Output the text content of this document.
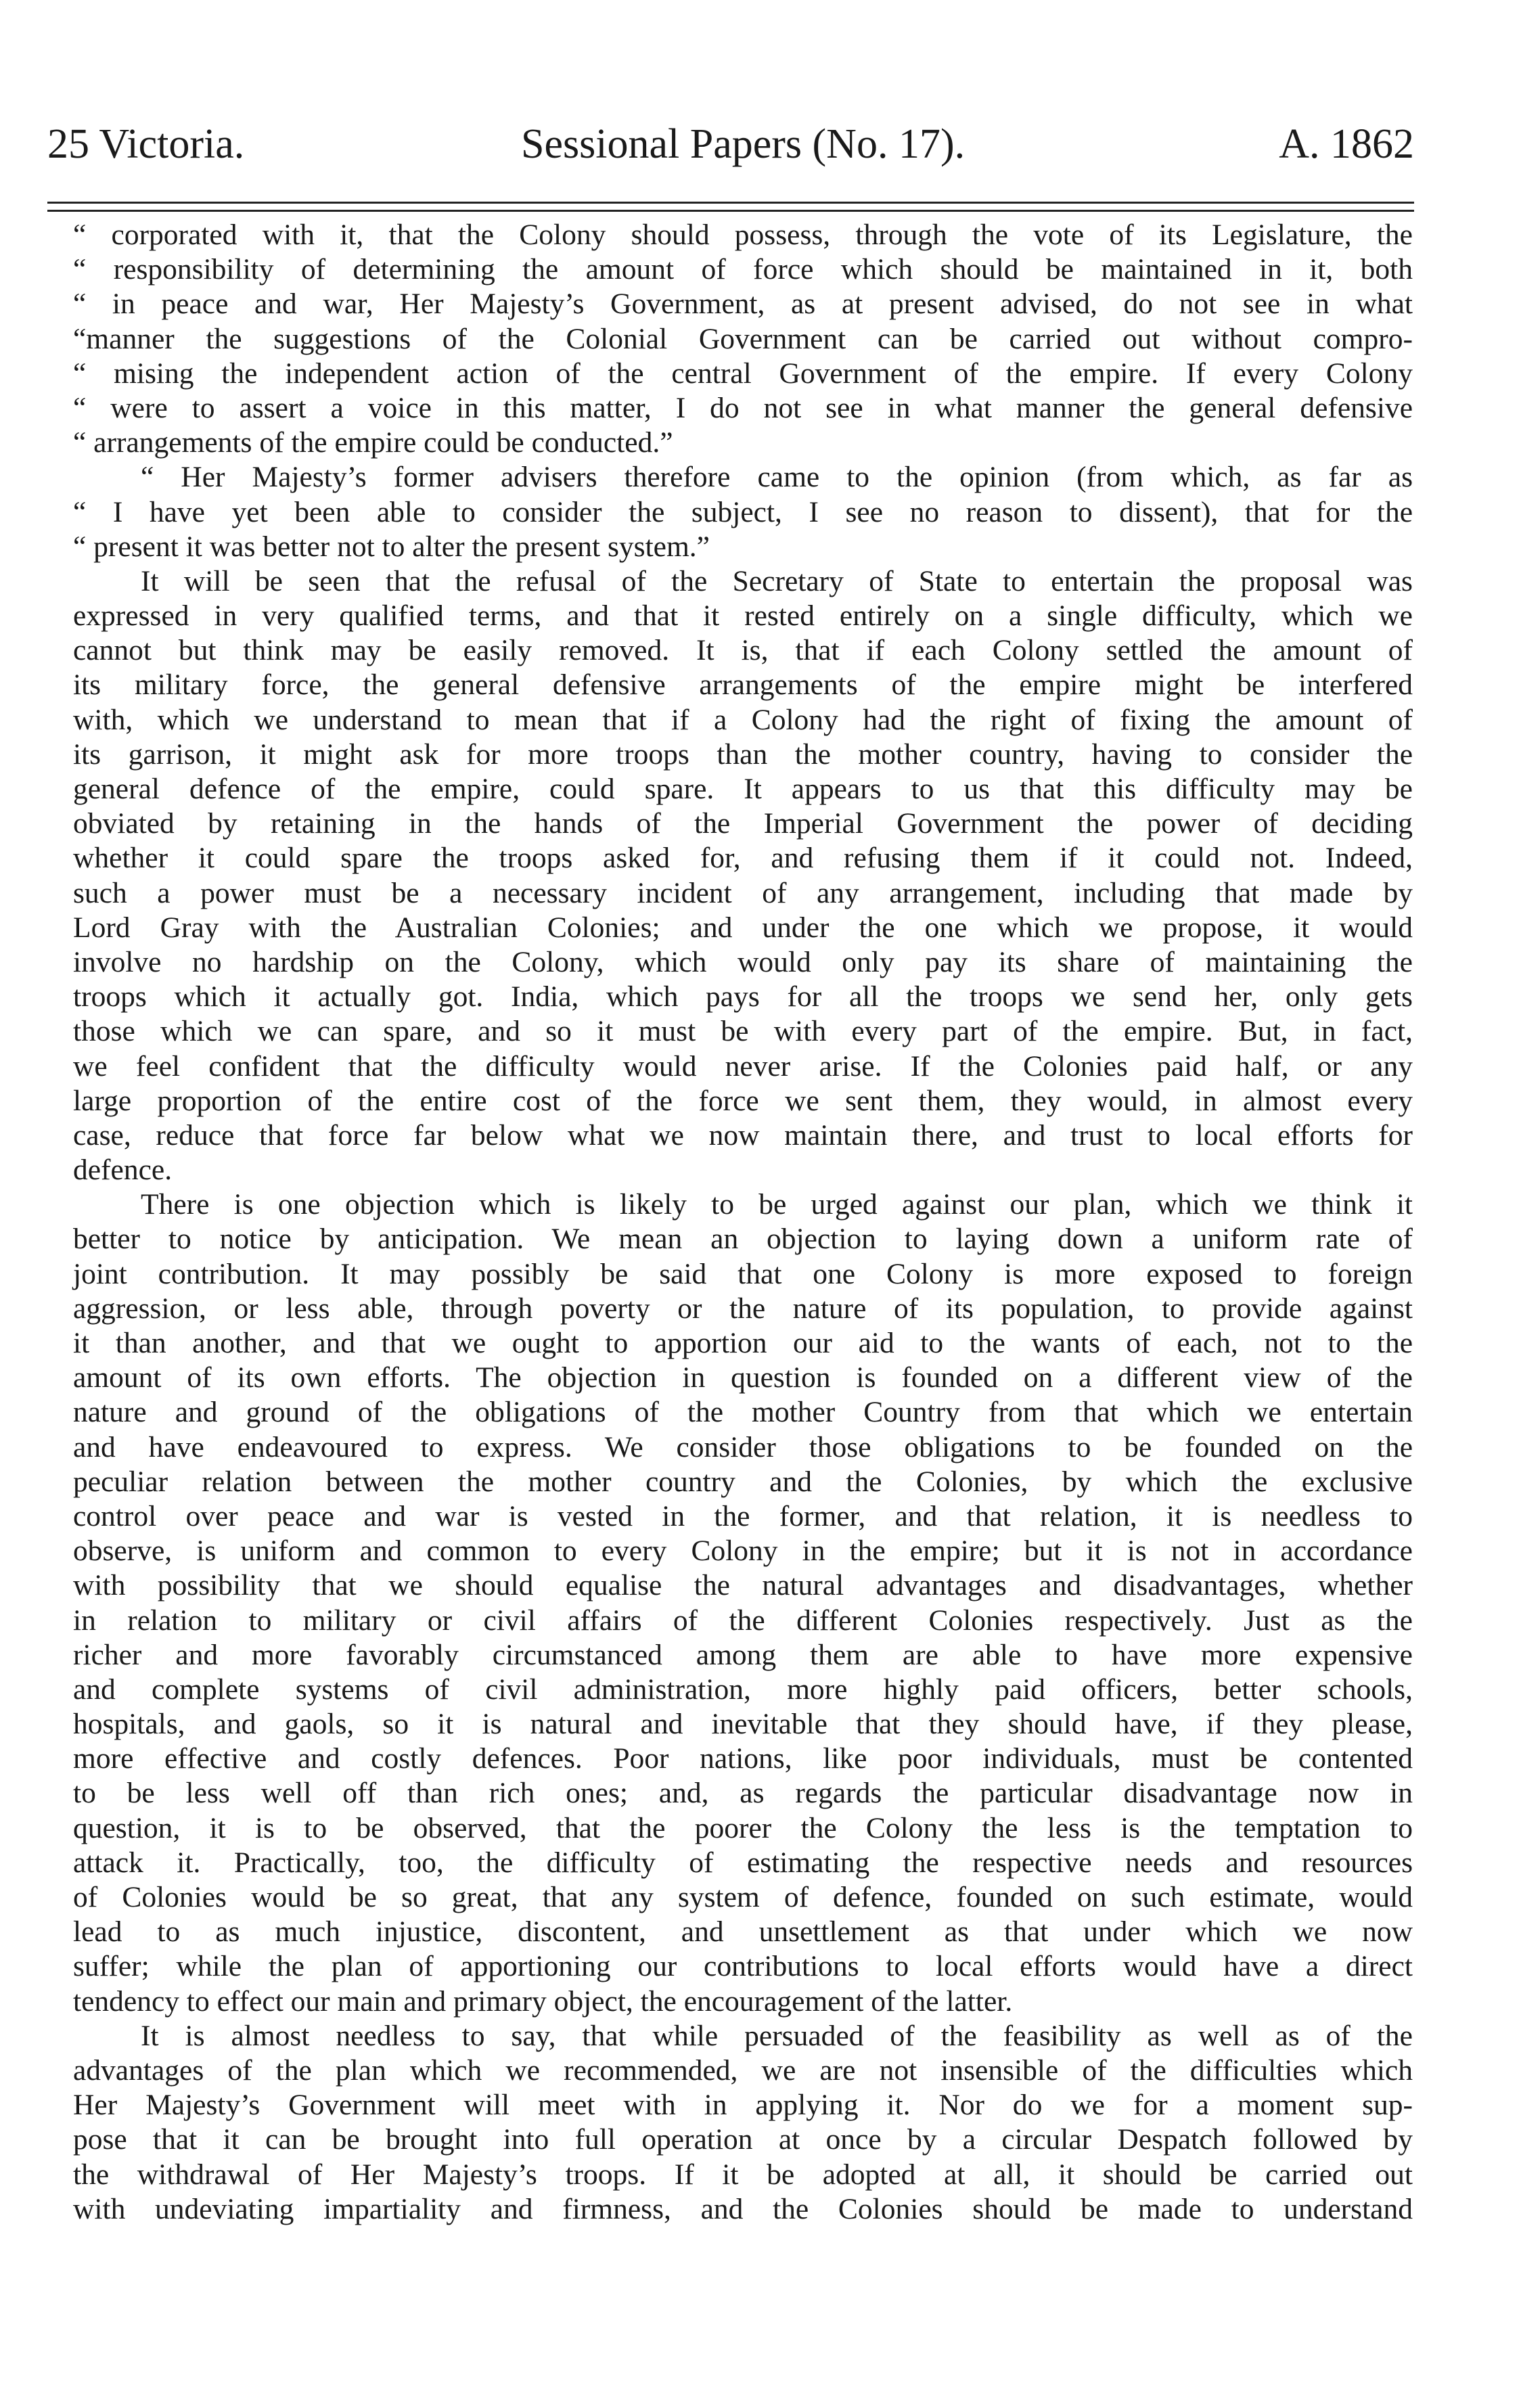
25 Victoria.	Sessional Papers (No. 17).	A. 1862
“ corporated with it, that the Colony should possess, through the vote of its Legislature, the
“ responsibility of determining the amount of force which should be maintained in it, both
“ in peace and war, Her Majesty’s Government, as at present advised, do not see in what
“manner the suggestions of the Colonial Government can be carried out without compro-
“ mising the independent action of the central Government of the empire. If every Colony
“ were to assert a voice in this matter, I do not see in what manner the general defensive
“ arrangements of the empire could be conducted.”
“ Her Majesty’s former advisers therefore came to the opinion (from which, as far as
“ I have yet been able to consider the subject, I see no reason to dissent), that for the
“ present it was better not to alter the present system.”
It will be seen that the refusal of the Secretary of State to entertain the proposal was
expressed in very qualified terms, and that it rested entirely on a single difficulty, which we
cannot but think may be easily removed. It is, that if each Colony settled the amount of
its military force, the general defensive arrangements of the empire might be interfered
with, which we understand to mean that if a Colony had the right of fixing the amount of
its garrison, it might ask for more troops than the mother country, having to consider the
general defence of the empire, could spare. It appears to us that this difficulty may be
obviated by retaining in the hands of the Imperial Government the power of deciding
whether it could spare the troops asked for, and refusing them if it could not. Indeed,
such a power must be a necessary incident of any arrangement, including that made by
Lord Gray with the Australian Colonies; and under the one which we propose, it would
involve no hardship on the Colony, which would only pay its share of maintaining the
troops which it actually got. India, which pays for all the troops we send her, only gets
those which we can spare, and so it must be with every part of the empire. But, in fact,
we feel confident that the difficulty would never arise. If the Colonies paid half, or any
large proportion of the entire cost of the force we sent them, they would, in almost every
case, reduce that force far below what we now maintain there, and trust to local efforts for
defence.
There is one objection which is likely to be urged against our plan, which we think it
better to notice by anticipation. We mean an objection to laying down a uniform rate of
joint contribution. It may possibly be said that one Colony is more exposed to foreign
aggression, or less able, through poverty or the nature of its population, to provide against
it than another, and that we ought to apportion our aid to the wants of each, not to the
amount of its own efforts. The objection in question is founded on a different view of the
nature and ground of the obligations of the mother Country from that which we entertain
and have endeavoured to express. We consider those obligations to be founded on the
peculiar relation between the mother country and the Colonies, by which the exclusive
control over peace and war is vested in the former, and that relation, it is needless to
observe, is uniform and common to every Colony in the empire; but it is not in accordance
with possibility that we should equalise the natural advantages and disadvantages, whether
in relation to military or civil affairs of the different Colonies respectively. Just as the
richer and more favorably circumstanced among them are able to have more expensive
and complete systems of civil administration, more highly paid officers, better schools,
hospitals, and gaols, so it is natural and inevitable that they should have, if they please,
more effective and costly defences. Poor nations, like poor individuals, must be contented
to be less well off than rich ones; and, as regards the particular disadvantage now in
question, it is to be observed, that the poorer the Colony the less is the temptation to
attack it. Practically, too, the difficulty of estimating the respective needs and resources
of Colonies would be so great, that any system of defence, founded on such estimate, would
lead to as much injustice, discontent, and unsettlement as that under which we now
suffer; while the plan of apportioning our contributions to local efforts would have a direct
tendency to effect our main and primary object, the encouragement of the latter.
It is almost needless to say, that while persuaded of the feasibility as well as of the
advantages of the plan which we recommended, we are not insensible of the difficulties which
Her Majesty’s Government will meet with in applying it. Nor do we for a moment sup-
pose that it can be brought into full operation at once by a circular Despatch followed by
the withdrawal of Her Majesty’s troops. If it be adopted at all, it should be carried out
with undeviating impartiality and firmness, and the Colonies should be made to understand
